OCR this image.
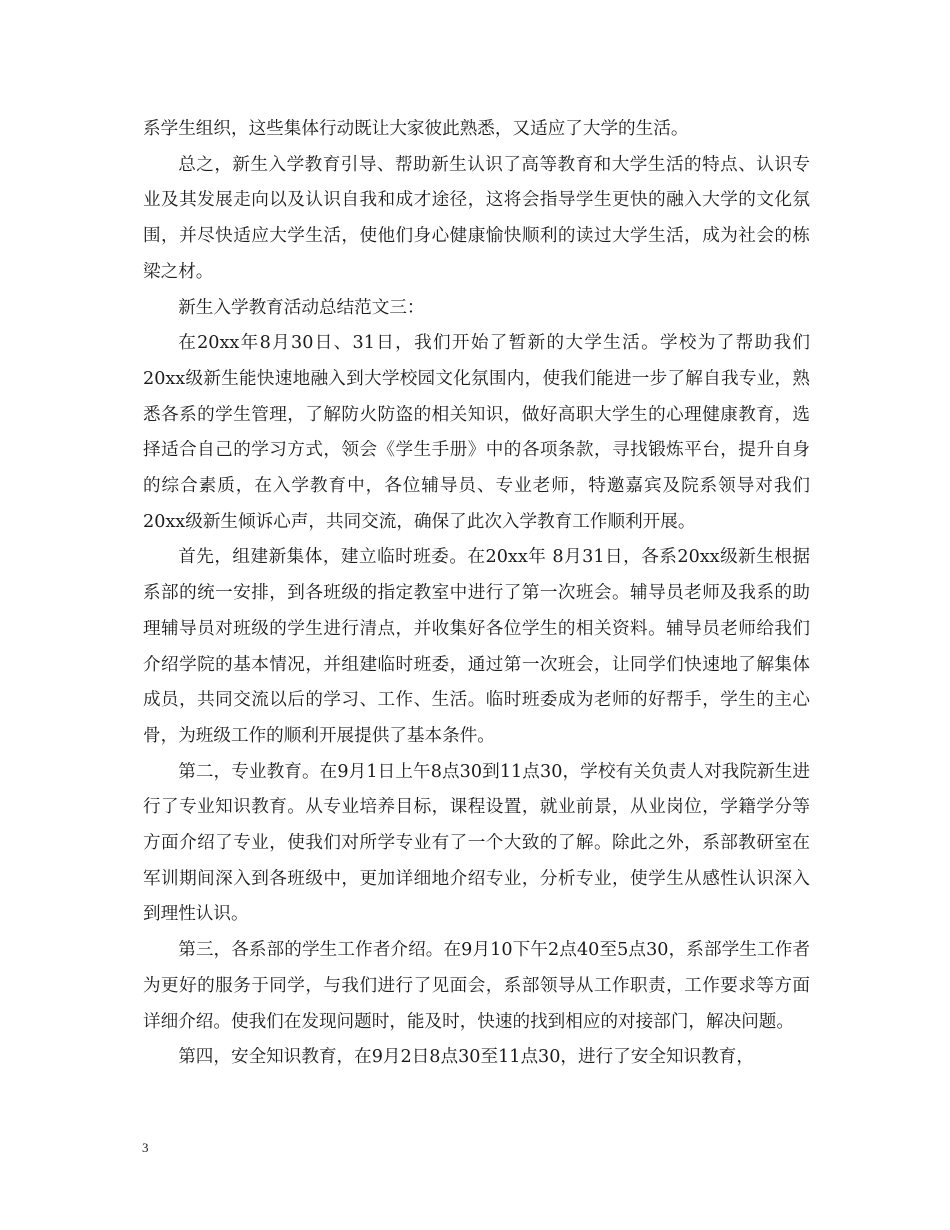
系学生组织，这些集体行动既让大家彼此熟悉，又适应了大学的生活。

总之，新生入学教育引导、帮助新生认识了高等教育和大学生活的特点、认识专业及其发展走向以及认识自我和成才途径，这将会指导学生更快的融入大学的文化氛围，并尽快适应大学生活，使他们身心健康愉快顺利的读过大学生活，成为社会的栋梁之材。

新生入学教育活动总结范文三：

在20xx年8月30日、31日，我们开始了暂新的大学生活。学校为了帮助我们20xx级新生能快速地融入到大学校园文化氛围内，使我们能进一步了解自我专业，熟悉各系的学生管理，了解防火防盗的相关知识，做好高职大学生的心理健康教育，选择适合自己的学习方式，领会《学生手册》中的各项条款，寻找锻炼平台，提升自身的综合素质，在入学教育中，各位辅导员、专业老师，特邀嘉宾及院系领导对我们20xx级新生倾诉心声，共同交流，确保了此次入学教育工作顺利开展。

首先，组建新集体，建立临时班委。在20xx年 8月31日，各系20xx级新生根据系部的统一安排，到各班级的指定教室中进行了第一次班会。辅导员老师及我系的助理辅导员对班级的学生进行清点，并收集好各位学生的相关资料。辅导员老师给我们介绍学院的基本情况，并组建临时班委，通过第一次班会，让同学们快速地了解集体成员，共同交流以后的学习、工作、生活。临时班委成为老师的好帮手，学生的主心骨，为班级工作的顺利开展提供了基本条件。

第二，专业教育。在9月1日上午8点30到11点30，学校有关负责人对我院新生进行了专业知识教育。从专业培养目标，课程设置，就业前景，从业岗位，学籍学分等方面介绍了专业，使我们对所学专业有了一个大致的了解。除此之外，系部教研室在军训期间深入到各班级中，更加详细地介绍专业，分析专业，使学生从感性认识深入到理性认识。

第三，各系部的学生工作者介绍。在9月10下午2点40至5点30，系部学生工作者为更好的服务于同学，与我们进行了见面会，系部领导从工作职责，工作要求等方面详细介绍。使我们在发现问题时，能及时，快速的找到相应的对接部门，解决问题。

第四，安全知识教育，在9月2日8点30至11点30，进行了安全知识教育，

3
